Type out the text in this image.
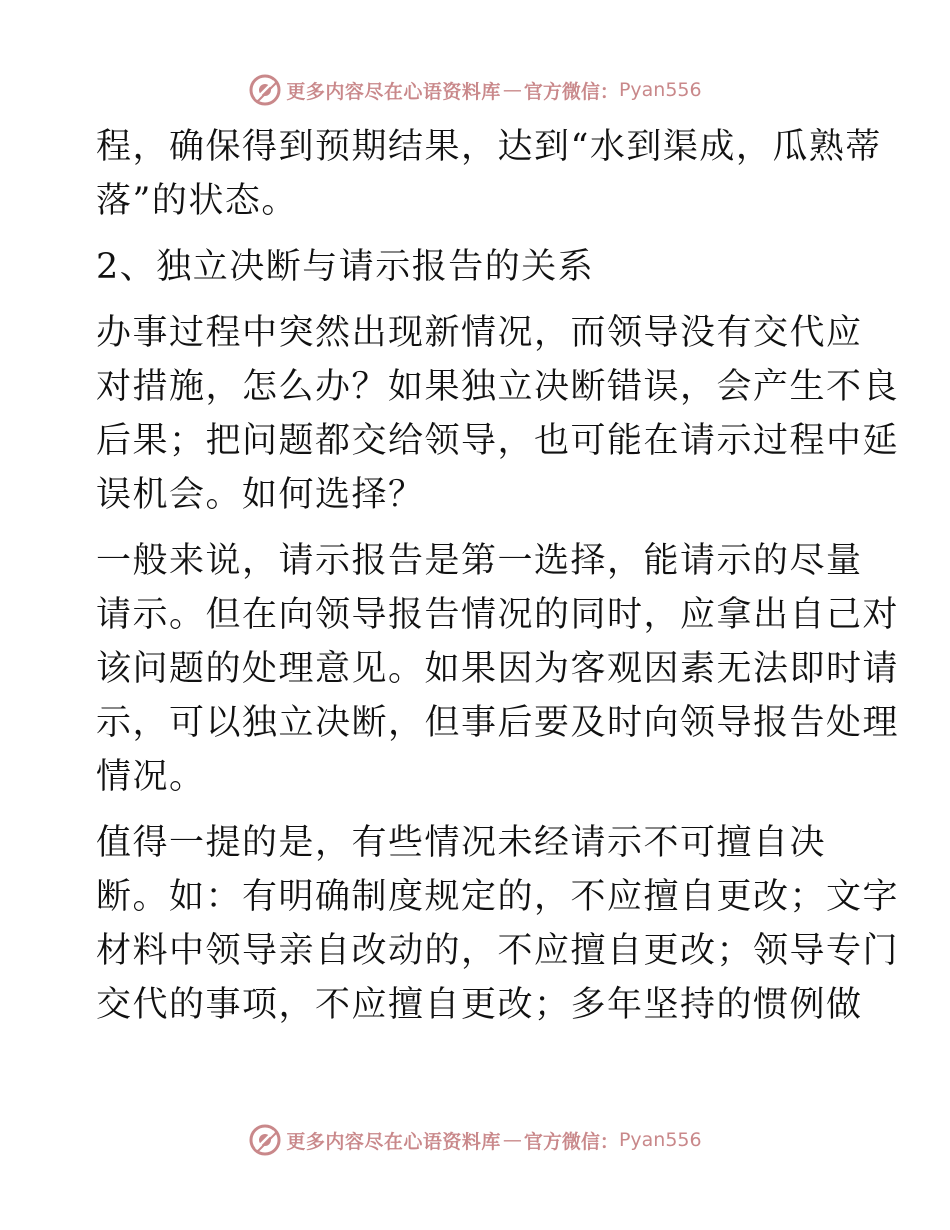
更多内容尽在心语资料库 — 官方微信： Pyan556

程，确保得到预期结果，达到“水到渠成，瓜熟蒂
落”的状态。

2、独立决断与请示报告的关系

办事过程中突然出现新情况，而领导没有交代应
对措施，怎么办？如果独立决断错误，会产生不良
后果；把问题都交给领导，也可能在请示过程中延
误机会。如何选择？

一般来说，请示报告是第一选择，能请示的尽量
请示。但在向领导报告情况的同时，应拿出自己对
该问题的处理意见。如果因为客观因素无法即时请
示，可以独立决断，但事后要及时向领导报告处理
情况。

值得一提的是，有些情况未经请示不可擅自决
断。如：有明确制度规定的，不应擅自更改；文字
材料中领导亲自改动的，不应擅自更改；领导专门
交代的事项，不应擅自更改；多年坚持的惯例做

更多内容尽在心语资料库 — 官方微信： Pyan556
